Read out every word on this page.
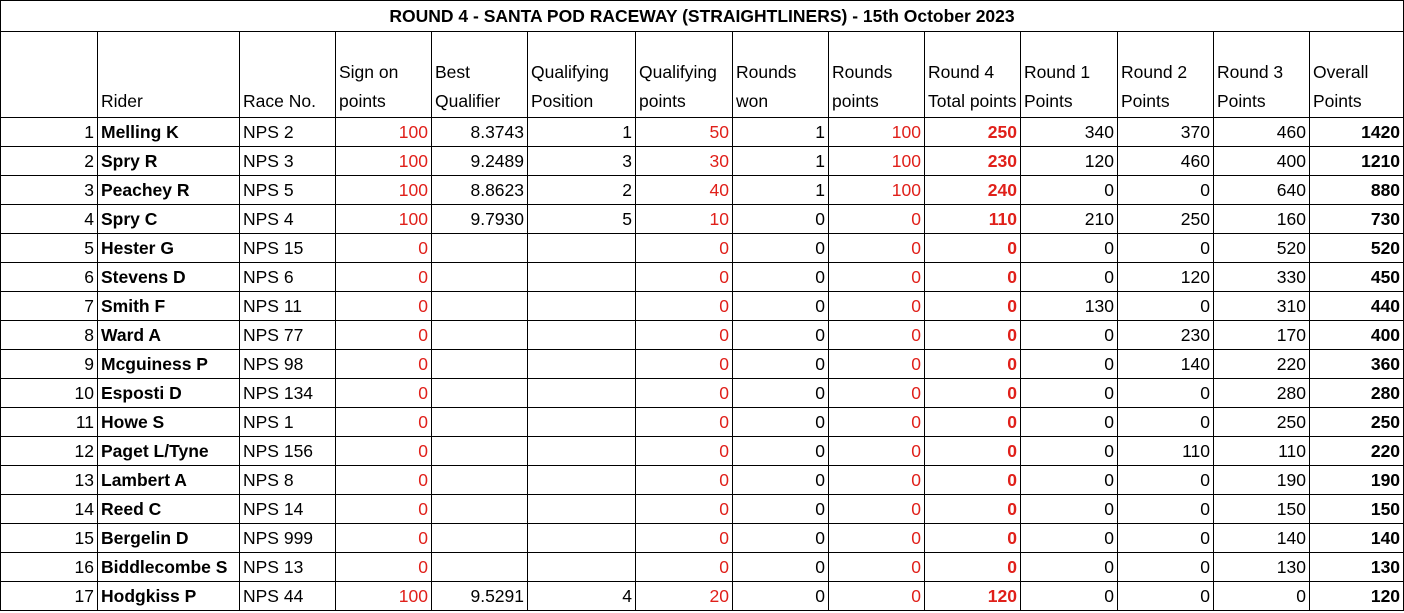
ROUND 4 - SANTA POD RACEWAY (STRAIGHTLINERS) - 15th October 2023													
	Rider	Race No.	Sign on points	Best Qualifier	Qualifying Position	Qualifying points	Rounds won	Rounds points	Round 4 Total points	Round 1 Points	Round 2 Points	Round 3 Points	Overall Points
1	Melling K	NPS 2	100	8.3743	1	50	1	100	250	340	370	460	1420
2	Spry R	NPS 3	100	9.2489	3	30	1	100	230	120	460	400	1210
3	Peachey R	NPS 5	100	8.8623	2	40	1	100	240	0	0	640	880
4	Spry C	NPS 4	100	9.7930	5	10	0	0	110	210	250	160	730
5	Hester G	NPS 15	0			0	0	0	0	0	0	520	520
6	Stevens D	NPS 6	0			0	0	0	0	0	120	330	450
7	Smith F	NPS 11	0			0	0	0	0	130	0	310	440
8	Ward A	NPS 77	0			0	0	0	0	0	230	170	400
9	Mcguiness P	NPS 98	0			0	0	0	0	0	140	220	360
10	Esposti D	NPS 134	0			0	0	0	0	0	0	280	280
11	Howe S	NPS 1	0			0	0	0	0	0	0	250	250
12	Paget L/Tyne	NPS 156	0			0	0	0	0	0	110	110	220
13	Lambert A	NPS 8	0			0	0	0	0	0	0	190	190
14	Reed C	NPS 14	0			0	0	0	0	0	0	150	150
15	Bergelin D	NPS 999	0			0	0	0	0	0	0	140	140
16	Biddlecombe S	NPS 13	0			0	0	0	0	0	0	130	130
17	Hodgkiss P	NPS 44	100	9.5291	4	20	0	0	120	0	0	0	120
